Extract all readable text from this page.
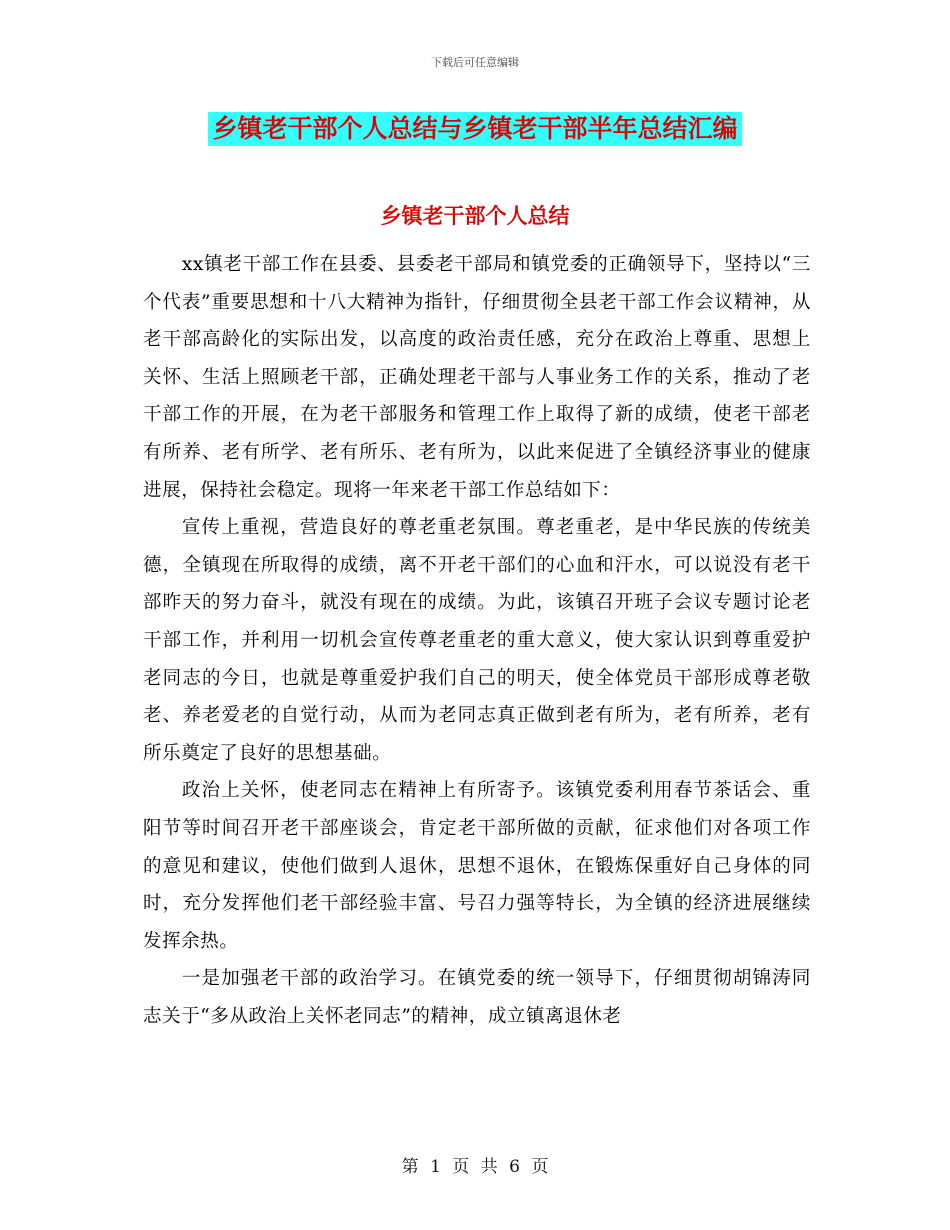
下载后可任意编辑
乡镇老干部个人总结与乡镇老干部半年总结汇编
乡镇老干部个人总结

xx镇老干部工作在县委、县委老干部局和镇党委的正确领导下，坚持以“三个代表”重要思想和十八大精神为指针，仔细贯彻全县老干部工作会议精神，从老干部高龄化的实际出发，以高度的政治责任感，充分在政治上尊重、思想上关怀、生活上照顾老干部，正确处理老干部与人事业务工作的关系，推动了老干部工作的开展，在为老干部服务和管理工作上取得了新的成绩，使老干部老有所养、老有所学、老有所乐、老有所为，以此来促进了全镇经济事业的健康进展，保持社会稳定。现将一年来老干部工作总结如下：

宣传上重视，营造良好的尊老重老氛围。尊老重老，是中华民族的传统美德，全镇现在所取得的成绩，离不开老干部们的心血和汗水，可以说没有老干部昨天的努力奋斗，就没有现在的成绩。为此，该镇召开班子会议专题讨论老干部工作，并利用一切机会宣传尊老重老的重大意义，使大家认识到尊重爱护老同志的今日，也就是尊重爱护我们自己的明天，使全体党员干部形成尊老敬老、养老爱老的自觉行动，从而为老同志真正做到老有所为，老有所养，老有所乐奠定了良好的思想基础。

政治上关怀，使老同志在精神上有所寄予。该镇党委利用春节茶话会、重阳节等时间召开老干部座谈会，肯定老干部所做的贡献，征求他们对各项工作的意见和建议，使他们做到人退休，思想不退休，在锻炼保重好自己身体的同时，充分发挥他们老干部经验丰富、号召力强等特长，为全镇的经济进展继续发挥余热。

一是加强老干部的政治学习。在镇党委的统一领导下，仔细贯彻胡锦涛同志关于“多从政治上关怀老同志”的精神，成立镇离退休老

第 1 页 共 6 页
